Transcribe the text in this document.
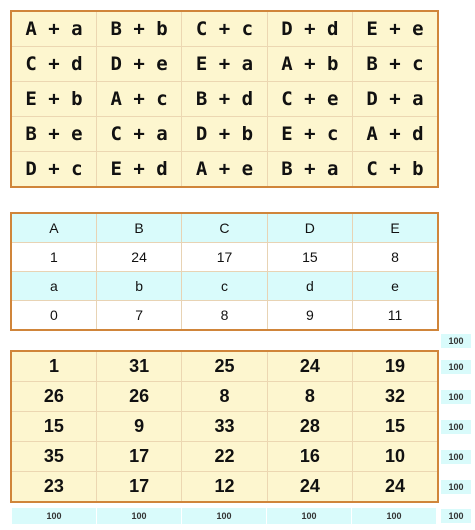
A + a	B + b	C + c	D + d	E + e
C + d	D + e	E + a	A + b	B + c
E + b	A + c	B + d	C + e	D + a
B + e	C + a	D + b	E + c	A + d
D + c	E + d	A + e	B + a	C + b
A	B	C	D	E
1	24	17	15	8
a	b	c	d	e
0	7	8	9	11
100
1	31	25	24	19
26	26	8	8	32
15	9	33	28	15
35	17	22	16	10
23	17	12	24	24
100
100
100
100
100
100	100	100	100	100	100
